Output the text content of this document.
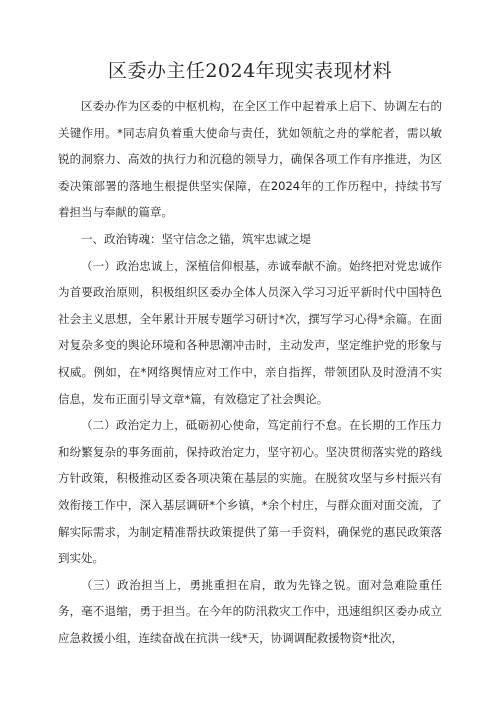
区委办主任2024年现实表现材料

区委办作为区委的中枢机构，在全区工作中起着承上启下、协调左右的关键作用。*同志肩负着重大使命与责任，犹如领航之舟的掌舵者，需以敏锐的洞察力、高效的执行力和沉稳的领导力，确保各项工作有序推进，为区委决策部署的落地生根提供坚实保障，在2024年的工作历程中，持续书写着担当与奉献的篇章。

一、政治铸魂：坚守信念之锚，筑牢忠诚之堤

（一）政治忠诚上，深植信仰根基，赤诚奉献不渝。始终把对党忠诚作为首要政治原则，积极组织区委办全体人员深入学习习近平新时代中国特色社会主义思想，全年累计开展专题学习研讨*次，撰写学习心得*余篇。在面对复杂多变的舆论环境和各种思潮冲击时，主动发声，坚定维护党的形象与权威。例如，在*网络舆情应对工作中，亲自指挥，带领团队及时澄清不实信息，发布正面引导文章*篇，有效稳定了社会舆论。

（二）政治定力上，砥砺初心使命，笃定前行不怠。在长期的工作压力和纷繁复杂的事务面前，保持政治定力，坚守初心。坚决贯彻落实党的路线方针政策，积极推动区委各项决策在基层的实施。在脱贫攻坚与乡村振兴有效衔接工作中，深入基层调研*个乡镇，*余个村庄，与群众面对面交流，了解实际需求，为制定精准帮扶政策提供了第一手资料，确保党的惠民政策落到实处。

（三）政治担当上，勇挑重担在肩，敢为先锋之锐。面对急难险重任务，毫不退缩，勇于担当。在今年的防汛救灾工作中，迅速组织区委办成立应急救援小组，连续奋战在抗洪一线*天，协调调配救援物资*批次，
